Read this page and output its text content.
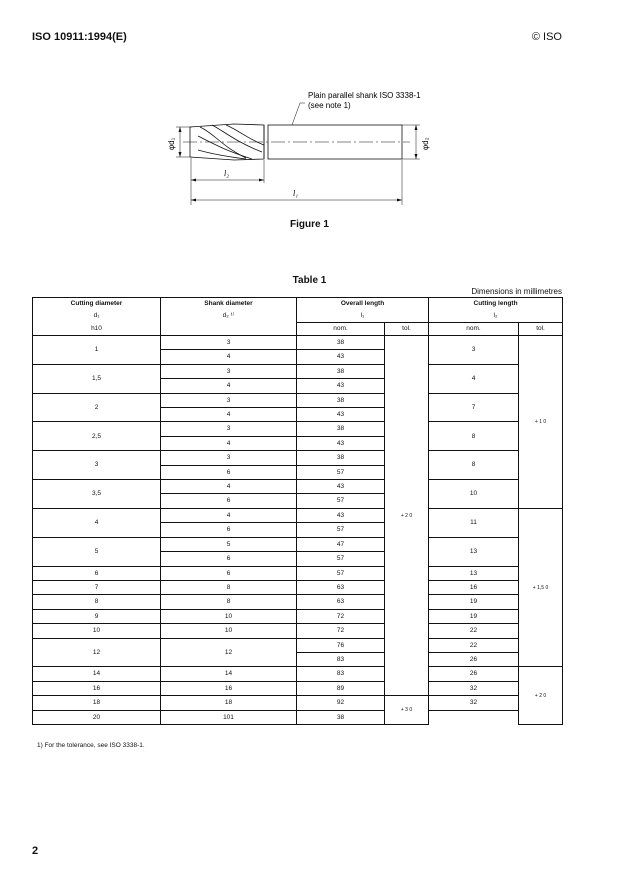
ISO 10911:1994(E)	© ISO
Plain parallel shank ISO 3338-1
(see note 1)
φd₁	φd₂
l₂
l₁
Figure 1
Table 1
Dimensions in millimetres
Cutting diameter	Shank diameter	Overall length		Cutting length	
d₁	d₂ ¹⁾	l₁		l₂	
h10		nom.	tol.	nom.	tol.
1	3	38	+ 2 0	3	+ 1 0
	4	43			
1,5	3	38		4	
	4	43			
2	3	38		7	
	4	43			
2,5	3	38		8	
	4	43			
3	3	38		8	
	6	57			
3,5	4	43		10	
	6	57			
4	4	43		11	+ 1,5 0
	6	57			
5	5	47		13	
	6	57			
6	6	57		13	
7	8	63		16	
8	8	63		19	
9	10	72		19	
10	10	72		22	
12	12	76		22	
		83		26	
14	14	83		26	+ 2 0
16	16	89		32	
18	18	92	+ 3 0	32	
20	101	38			
1) For the tolerance, see ISO 3338-1.
2
